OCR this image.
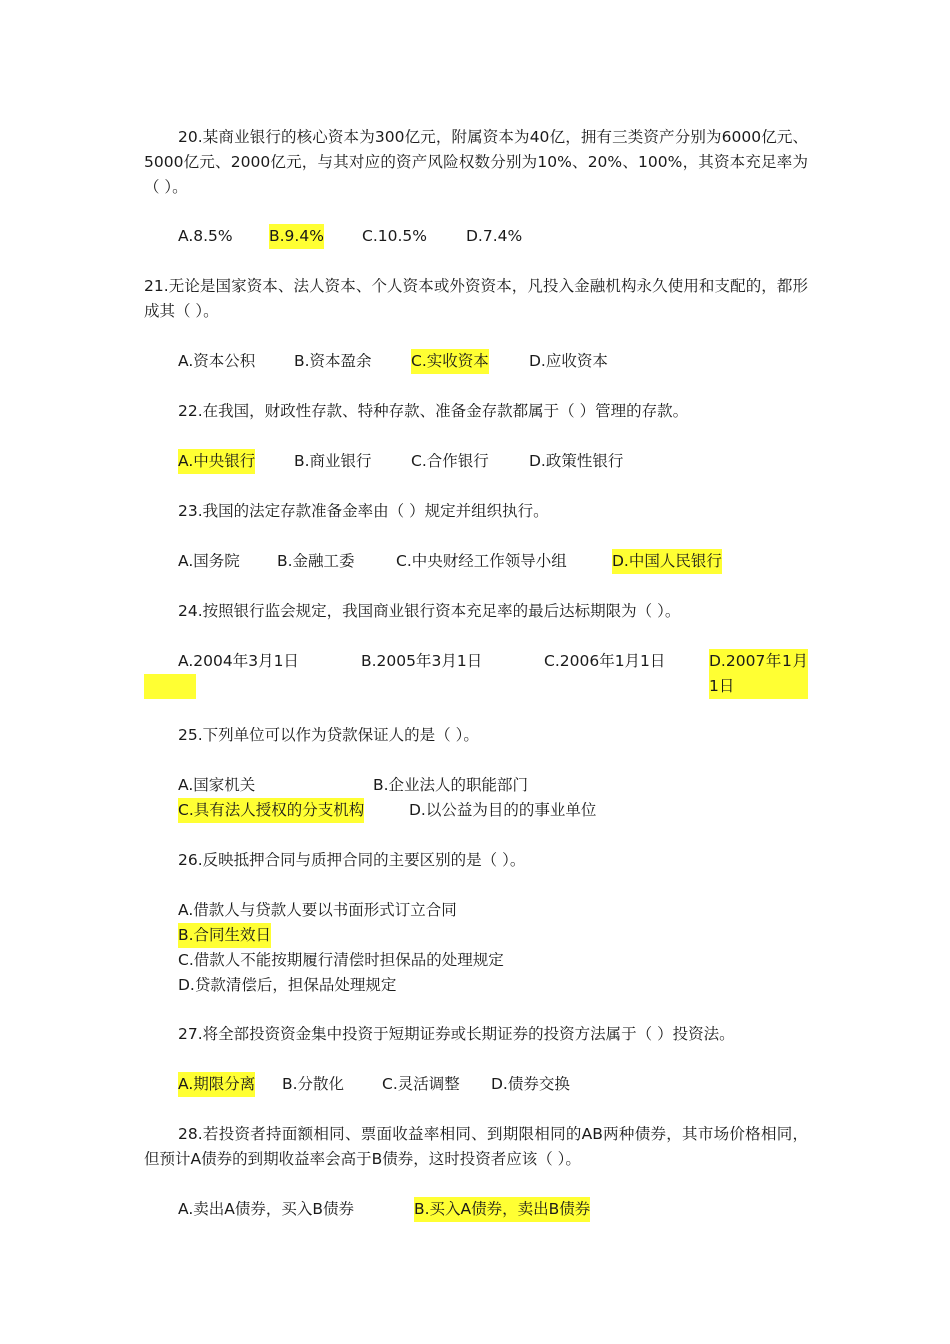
20.某商业银行的核心资本为300亿元，附属资本为40亿，拥有三类资产分别为6000亿元、5000亿元、2000亿元，与其对应的资产风险权数分别为10%、20%、100%，其资本充足率为（ ）。
A.8.5% B.9.4% C.10.5%	D.7.4%
21.无论是国家资本、法人资本、个人资本或外资资本，凡投入金融机构永久使用和支配的，都形成其（ ）。
A.资本公积 B.资本盈余	C.实收资本	D.应收资本
22.在我国，财政性存款、特种存款、准备金存款都属于（ ）管理的存款。
A.中央银行 B.商业银行	C.合作银行	D.政策性银行
23.我国的法定存款准备金率由（ ）规定并组织执行。
A.国务院 B.金融工委	C.中央财经工作领导小组	D.中国人民银行
24.按照银行监会规定，我国商业银行资本充足率的最后达标期限为（ ）。
A.2004年3月1日	B.2005年3月1日	C.2006年1月1日	D.2007年1月1日
25.下列单位可以作为贷款保证人的是（ ）。
A.国家机关	B.企业法人的职能部门
C.具有法人授权的分支机构	D.以公益为目的的事业单位
26.反映抵押合同与质押合同的主要区别的是（ ）。
A.借款人与贷款人要以书面形式订立合同
B.合同生效日
C.借款人不能按期履行清偿时担保品的处理规定
D.贷款清偿后，担保品处理规定
27.将全部投资资金集中投资于短期证券或长期证券的投资方法属于（ ）投资法。
A.期限分离 B.分散化 C.灵活调整 D.债券交换
28.若投资者持面额相同、票面收益率相同、到期限相同的AB两种债券，其市场价格相同，但预计A债券的到期收益率会高于B债券，这时投资者应该（ ）。
A.卖出A债券，买入B债券	B.买入A债券，卖出B债券
